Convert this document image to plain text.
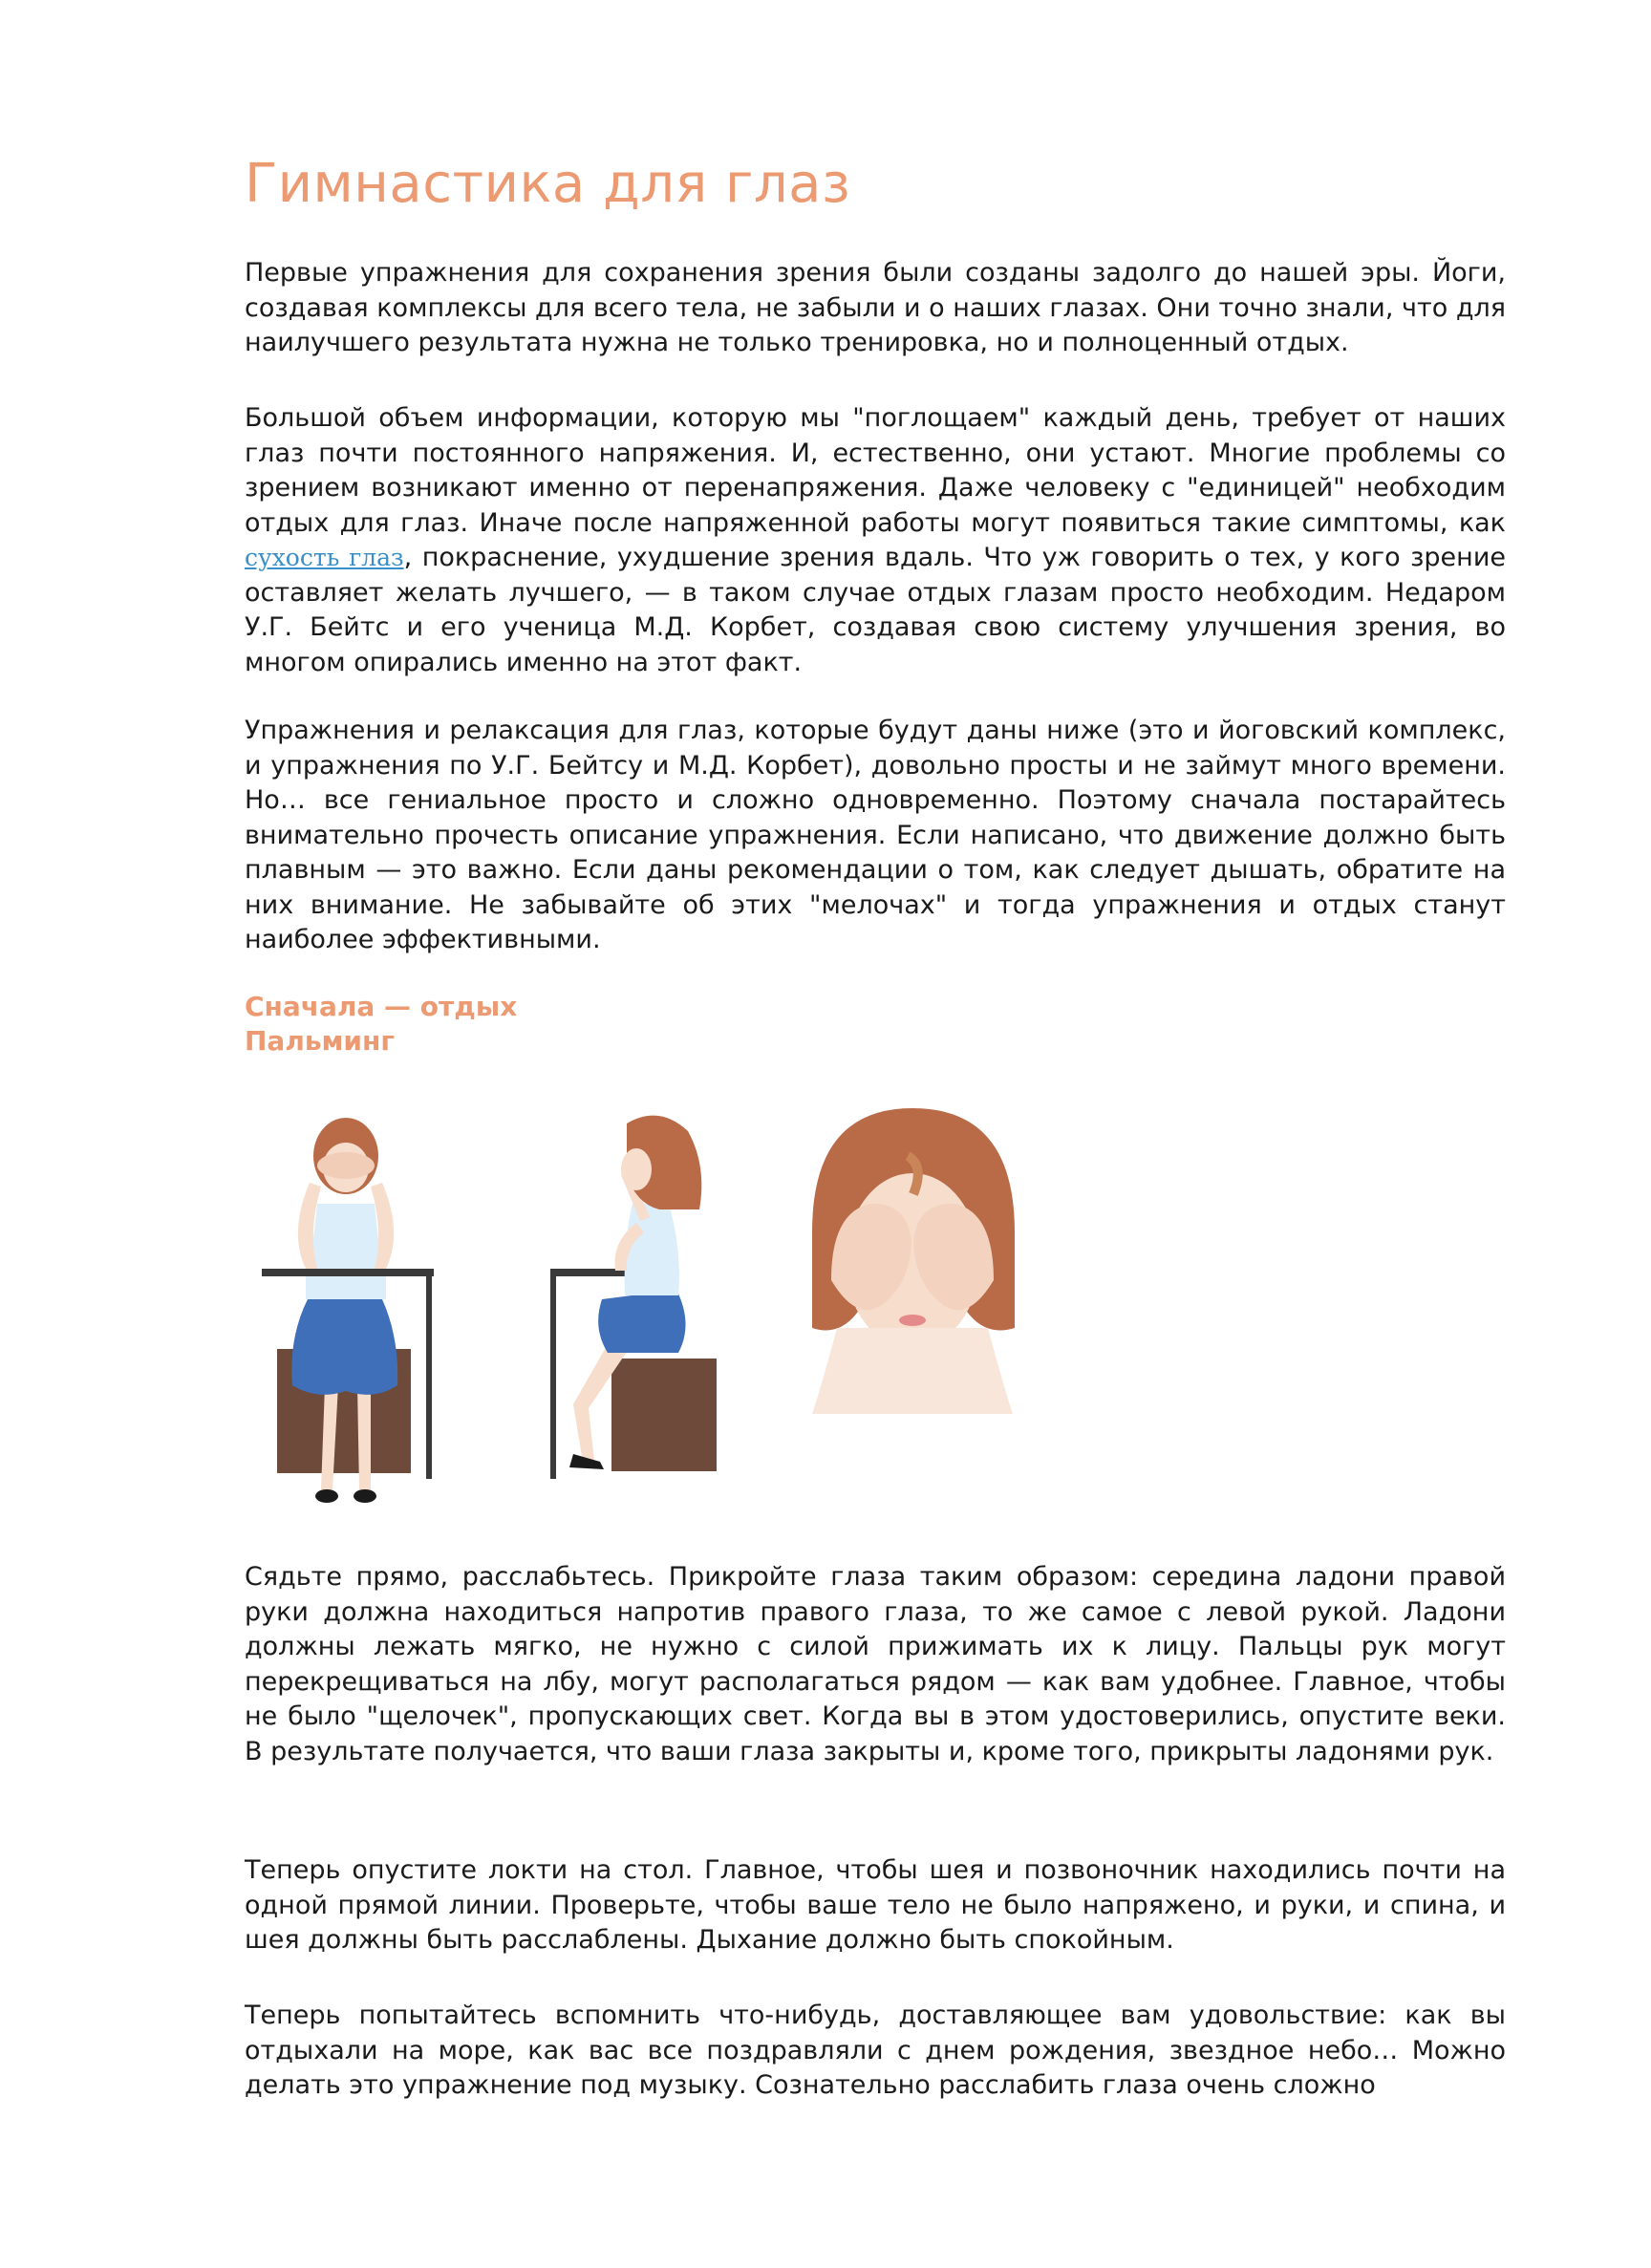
Гимнастика для глаз

Первые упражнения для сохранения зрения были созданы задолго до нашей эры. Йоги, создавая комплексы для всего тела, не забыли и о наших глазах. Они точно знали, что для наилучшего результата нужна не только тренировка, но и полноценный отдых.

Большой объем информации, которую мы "поглощаем" каждый день, требует от наших глаз почти постоянного напряжения. И, естественно, они устают. Многие проблемы со зрением возникают именно от перенапряжения. Даже человеку с "единицей" необходим отдых для глаз. Иначе после напряженной работы могут появиться такие симптомы, как сухость глаз, покраснение, ухудшение зрения вдаль. Что уж говорить о тех, у кого зрение оставляет желать лучшего, — в таком случае отдых глазам просто необходим. Недаром У.Г. Бейтс и его ученица М.Д. Корбет, создавая свою систему улучшения зрения, во многом опирались именно на этот факт.

Упражнения и релаксация для глаз, которые будут даны ниже (это и йоговский комплекс, и упражнения по У.Г. Бейтсу и М.Д. Корбет), довольно просты и не займут много времени. Но… все гениальное просто и сложно одновременно. Поэтому сначала постарайтесь внимательно прочесть описание упражнения. Если написано, что движение должно быть плавным — это важно. Если даны рекомендации о том, как следует дышать, обратите на них внимание. Не забывайте об этих "мелочах" и тогда упражнения и отдых станут наиболее эффективными.

Сначала — отдых
Пальминг

Сядьте прямо, расслабьтесь. Прикройте глаза таким образом: середина ладони правой руки должна находиться напротив правого глаза, то же самое с левой рукой. Ладони должны лежать мягко, не нужно с силой прижимать их к лицу. Пальцы рук могут перекрещиваться на лбу, могут располагаться рядом — как вам удобнее. Главное, чтобы не было "щелочек", пропускающих свет. Когда вы в этом удостоверились, опустите веки. В результате получается, что ваши глаза закрыты и, кроме того, прикрыты ладонями рук.

Теперь опустите локти на стол. Главное, чтобы шея и позвоночник находились почти на одной прямой линии. Проверьте, чтобы ваше тело не было напряжено, и руки, и спина, и шея должны быть расслаблены. Дыхание должно быть спокойным.

Теперь попытайтесь вспомнить что-нибудь, доставляющее вам удовольствие: как вы отдыхали на море, как вас все поздравляли с днем рождения, звездное небо… Можно делать это упражнение под музыку. Сознательно расслабить глаза очень сложно
